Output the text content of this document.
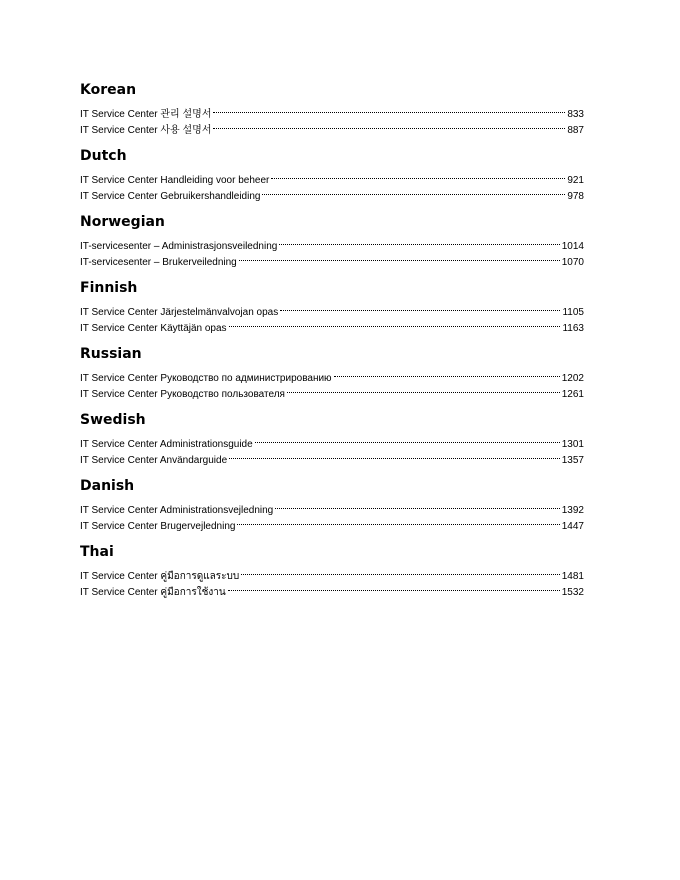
Korean
IT Service Center 관리 설명서	833
IT Service Center 사용 설명서	887
Dutch
IT Service Center Handleiding voor beheer	921
IT Service Center Gebruikershandleiding	978
Norwegian
IT-servicesenter – Administrasjonsveiledning	1014
IT-servicesenter – Brukerveiledning	1070
Finnish
IT Service Center Järjestelmänvalvojan opas	1105
IT Service Center Käyttäjän opas	1163
Russian
IT Service Center Руководство по администрированию	1202
IT Service Center Руководство пользователя	1261
Swedish
IT Service Center Administrationsguide	1301
IT Service Center Användarguide	1357
Danish
IT Service Center Administrationsvejledning	1392
IT Service Center Brugervejledning	1447
Thai
IT Service Center คู่มือการดูแลระบบ	1481
IT Service Center คู่มือการใช้งาน	1532
